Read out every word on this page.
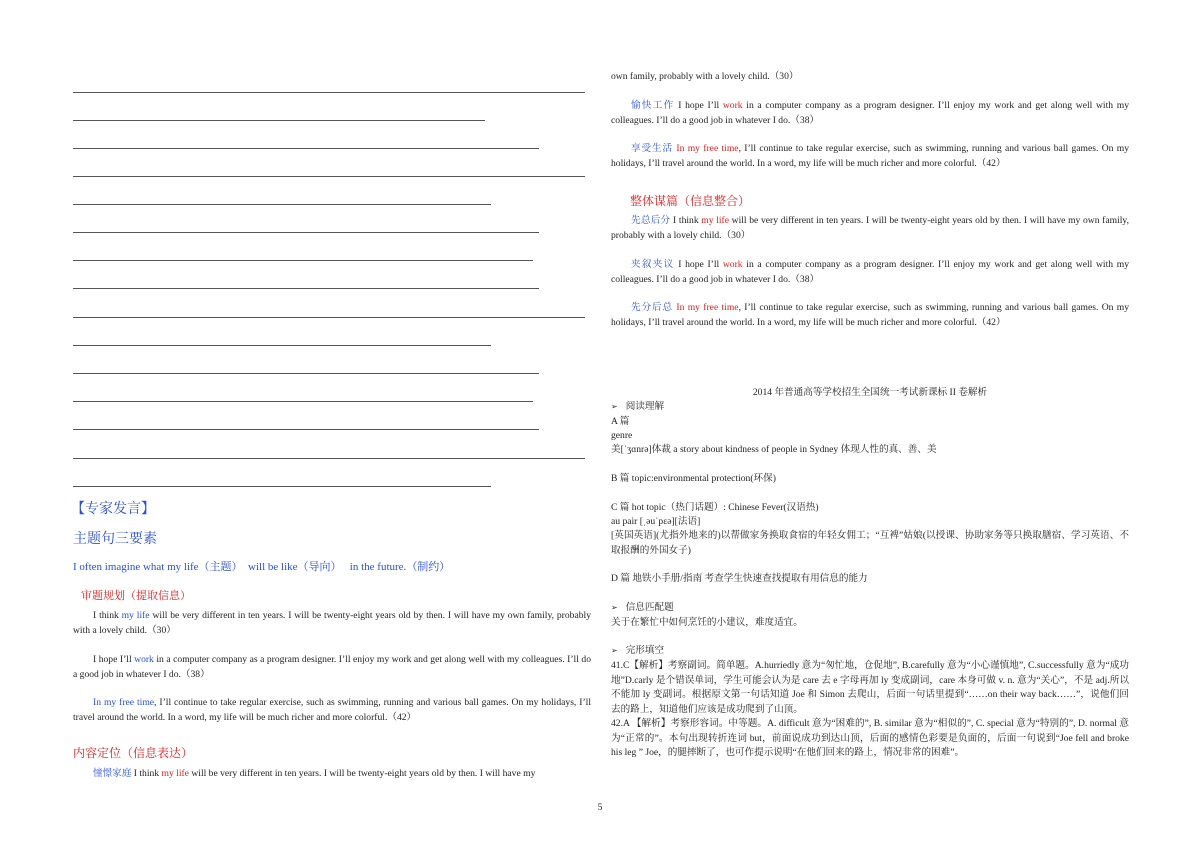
【专家发言】
主题句三要素
I often imagine what my life（主题） will be like（导向） in the future.（制约）
审题规划（提取信息）
I think my life will be very different in ten years. I will be twenty-eight years old by then. I will have my own family, probably with a lovely child.（30）
I hope I’ll work in a computer company as a program designer. I’ll enjoy my work and get along well with my colleagues. I’ll do a good job in whatever I do.（38）
In my free time, I’ll continue to take regular exercise, such as swimming, running and various ball games. On my holidays, I’ll travel around the world. In a word, my life will be much richer and more colorful.（42）
内容定位（信息表达）
憧憬家庭 I think my life will be very different in ten years. I will be twenty-eight years old by then. I will have my
own family, probably with a lovely child.（30）
愉快工作 I hope I’ll work in a computer company as a program designer. I’ll enjoy my work and get along well with my colleagues. I’ll do a good job in whatever I do.（38）
享受生活 In my free time, I’ll continue to take regular exercise, such as swimming, running and various ball games. On my holidays, I’ll travel around the world. In a word, my life will be much richer and more colorful.（42）
整体谋篇（信息整合）
先总后分 I think my life will be very different in ten years. I will be twenty-eight years old by then. I will have my own family, probably with a lovely child.（30）
夹叙夹议 I hope I’ll work in a computer company as a program designer. I’ll enjoy my work and get along well with my colleagues. I’ll do a good job in whatever I do.（38）
先分后总 In my free time, I’ll continue to take regular exercise, such as swimming, running and various ball games. On my holidays, I’ll travel around the world. In a word, my life will be much richer and more colorful.（42）
2014 年普通高等学校招生全国统一考试新课标 II 卷解析
➢ 阅读理解
A 篇
genre
美[ˈʒɑnrə]体裁 a story about kindness of people in Sydney 体现人性的真、善、美
B 篇 topic:environmental protection(环保)
C 篇 hot topic（热门话题）: Chinese Fever(汉语热)
au pair [ˌəuˈpɛə][法语]
[英国英语](尤指外地来的)以帮做家务换取食宿的年轻女佣工；“互裨”姑娘(以授课、协助家务等只换取膳宿、学习英语、不取报酬的外国女子)
D 篇 地铁小手册/指南 考查学生快速查找提取有用信息的能力
➢ 信息匹配题
关于在繁忙中如何烹饪的小建议，难度适宜。
➢ 完形填空
41.C【解析】考察副词。简单题。A.hurriedly 意为“匆忙地，仓促地”, B.carefully 意为“小心谨慎地”, C.successfully 意为“成功地”D.carly 是个错误单词，学生可能会认为是 care 去 e 字母再加 ly 变成副词，care 本身可做 v. n. 意为“关心”，不是 adj.所以不能加 ly 变副词。根据原文第一句话知道 Joe 和 Simon 去爬山，后面一句话里提到“……on their way back……”，说他们回去的路上，知道他们应该是成功爬到了山顶。
42.A 【解析】考察形容词。中等题。A. difficult 意为“困难的”, B. similar 意为“相似的”, C. special 意为“特别的”, D. normal 意为“正常的”。本句出现转折连词 but，前面说成功到达山顶，后面的感情色彩要是负面的，后面一句说到“Joe fell and broke his leg ” Joe，的腿摔断了，也可作提示说明“在他们回来的路上，情况非常的困难”。
5
